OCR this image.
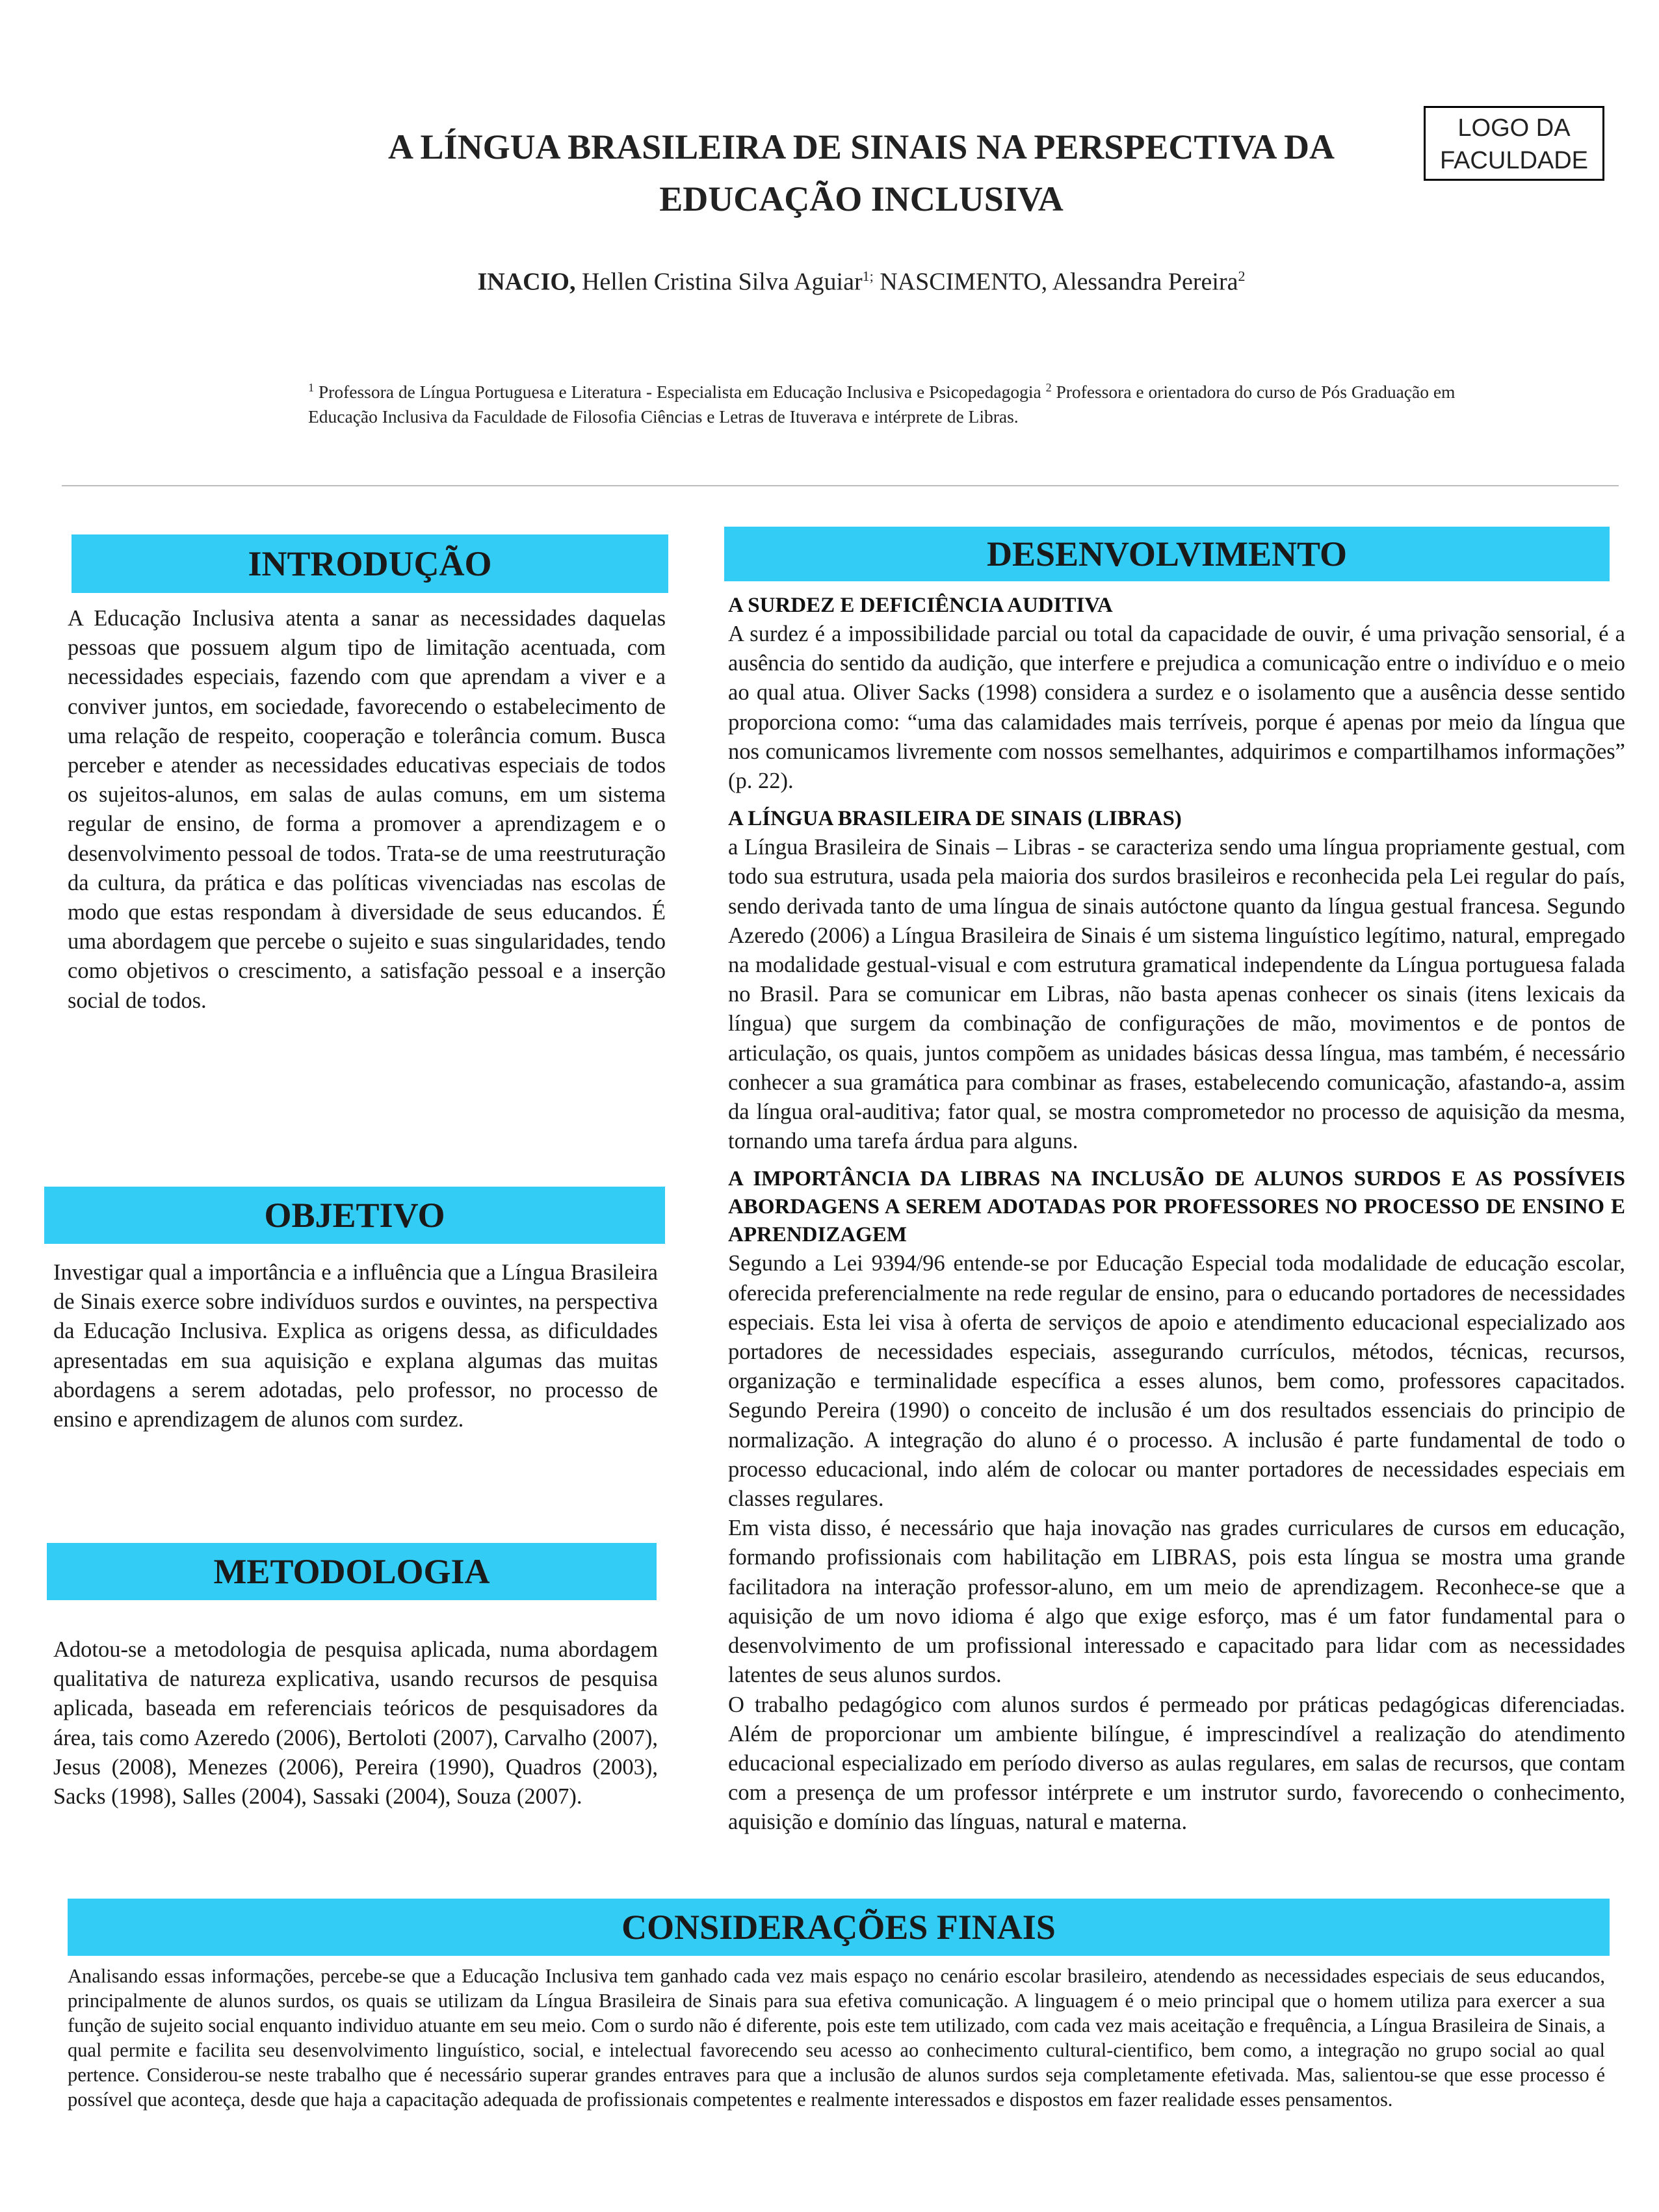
A LÍNGUA BRASILEIRA DE SINAIS NA PERSPECTIVA DA
EDUCAÇÃO INCLUSIVA
LOGO DA
FACULDADE
INACIO, Hellen Cristina Silva Aguiar$^{1;}$ NASCIMENTO, Alessandra Pereira$^2$
$^1$ Professora de Língua Portuguesa e Literatura - Especialista em Educação Inclusiva e Psicopedagogia $^2$ Professora e orientadora do curso de Pós Graduação em Educação Inclusiva da Faculdade de Filosofia Ciências e Letras de Ituverava e intérprete de Libras.
INTRODUÇÃO
A Educação Inclusiva atenta a sanar as necessidades daquelas pessoas que possuem algum tipo de limitação acentuada, com necessidades especiais, fazendo com que aprendam a viver e a conviver juntos, em sociedade, favorecendo o estabelecimento de uma relação de respeito, cooperação e tolerância comum. Busca perceber e atender as necessidades educativas especiais de todos os sujeitos-alunos, em salas de aulas comuns, em um sistema regular de ensino, de forma a promover a aprendizagem e o desenvolvimento pessoal de todos. Trata-se de uma reestruturação da cultura, da prática e das políticas vivenciadas nas escolas de modo que estas respondam à diversidade de seus educandos. É uma abordagem que percebe o sujeito e suas singularidades, tendo como objetivos o crescimento, a satisfação pessoal e a inserção social de todos.
OBJETIVO
Investigar qual a importância e a influência que a Língua Brasileira de Sinais exerce sobre indivíduos surdos e ouvintes, na perspectiva da Educação Inclusiva. Explica as origens dessa, as dificuldades apresentadas em sua aquisição e explana algumas das muitas abordagens a serem adotadas, pelo professor, no processo de ensino e aprendizagem de alunos com surdez.
METODOLOGIA
Adotou-se a metodologia de pesquisa aplicada, numa abordagem qualitativa de natureza explicativa, usando recursos de pesquisa aplicada, baseada em referenciais teóricos de pesquisadores da área, tais como Azeredo (2006), Bertoloti (2007), Carvalho (2007), Jesus (2008), Menezes (2006), Pereira (1990), Quadros (2003), Sacks (1998), Salles (2004), Sassaki (2004), Souza (2007).
DESENVOLVIMENTO
A SURDEZ E DEFICIÊNCIA AUDITIVA
A surdez é a impossibilidade parcial ou total da capacidade de ouvir, é uma privação sensorial, é a ausência do sentido da audição, que interfere e prejudica a comunicação entre o indivíduo e o meio ao qual atua. Oliver Sacks (1998) considera a surdez e o isolamento que a ausência desse sentido proporciona como: “uma das calamidades mais terríveis, porque é apenas por meio da língua que nos comunicamos livremente com nossos semelhantes, adquirimos e compartilhamos informações” (p. 22).
A LÍNGUA BRASILEIRA DE SINAIS (LIBRAS)
a Língua Brasileira de Sinais – Libras - se caracteriza sendo uma língua propriamente gestual, com todo sua estrutura, usada pela maioria dos surdos brasileiros e reconhecida pela Lei regular do país, sendo derivada tanto de uma língua de sinais autóctone quanto da língua gestual francesa. Segundo Azeredo (2006) a Língua Brasileira de Sinais é um sistema linguístico legítimo, natural, empregado na modalidade gestual-visual e com estrutura gramatical independente da Língua portuguesa falada no Brasil. Para se comunicar em Libras, não basta apenas conhecer os sinais (itens lexicais da língua) que surgem da combinação de configurações de mão, movimentos e de pontos de articulação, os quais, juntos compõem as unidades básicas dessa língua, mas também, é necessário conhecer a sua gramática para combinar as frases, estabelecendo comunicação, afastando-a, assim da língua oral-auditiva; fator qual, se mostra comprometedor no processo de aquisição da mesma, tornando uma tarefa árdua para alguns.
A IMPORTÂNCIA DA LIBRAS NA INCLUSÃO DE ALUNOS SURDOS E AS POSSÍVEIS ABORDAGENS A SEREM ADOTADAS POR PROFESSORES NO PROCESSO DE ENSINO E APRENDIZAGEM
Segundo a Lei 9394/96 entende-se por Educação Especial toda modalidade de educação escolar, oferecida preferencialmente na rede regular de ensino, para o educando portadores de necessidades especiais. Esta lei visa à oferta de serviços de apoio e atendimento educacional especializado aos portadores de necessidades especiais, assegurando currículos, métodos, técnicas, recursos, organização e terminalidade específica a esses alunos, bem como, professores capacitados. Segundo Pereira (1990) o conceito de inclusão é um dos resultados essenciais do principio de normalização. A integração do aluno é o processo. A inclusão é parte fundamental de todo o processo educacional, indo além de colocar ou manter portadores de necessidades especiais em classes regulares.
Em vista disso, é necessário que haja inovação nas grades curriculares de cursos em educação, formando profissionais com habilitação em LIBRAS, pois esta língua se mostra uma grande facilitadora na interação professor-aluno, em um meio de aprendizagem. Reconhece-se que a aquisição de um novo idioma é algo que exige esforço, mas é um fator fundamental para o desenvolvimento de um profissional interessado e capacitado para lidar com as necessidades latentes de seus alunos surdos.
O trabalho pedagógico com alunos surdos é permeado por práticas pedagógicas diferenciadas. Além de proporcionar um ambiente bilíngue, é imprescindível a realização do atendimento educacional especializado em período diverso as aulas regulares, em salas de recursos, que contam com a presença de um professor intérprete e um instrutor surdo, favorecendo o conhecimento, aquisição e domínio das línguas, natural e materna.
CONSIDERAÇÕES FINAIS
Analisando essas informações, percebe-se que a Educação Inclusiva tem ganhado cada vez mais espaço no cenário escolar brasileiro, atendendo as necessidades especiais de seus educandos, principalmente de alunos surdos, os quais se utilizam da Língua Brasileira de Sinais para sua efetiva comunicação. A linguagem é o meio principal que o homem utiliza para exercer a sua função de sujeito social enquanto individuo atuante em seu meio. Com o surdo não é diferente, pois este tem utilizado, com cada vez mais aceitação e frequência, a Língua Brasileira de Sinais, a qual permite e facilita seu desenvolvimento linguístico, social, e intelectual favorecendo seu acesso ao conhecimento cultural-cientifico, bem como, a integração no grupo social ao qual pertence. Considerou-se neste trabalho que é necessário superar grandes entraves para que a inclusão de alunos surdos seja completamente efetivada. Mas, salientou-se que esse processo é possível que aconteça, desde que haja a capacitação adequada de profissionais competentes e realmente interessados e dispostos em fazer realidade esses pensamentos.
